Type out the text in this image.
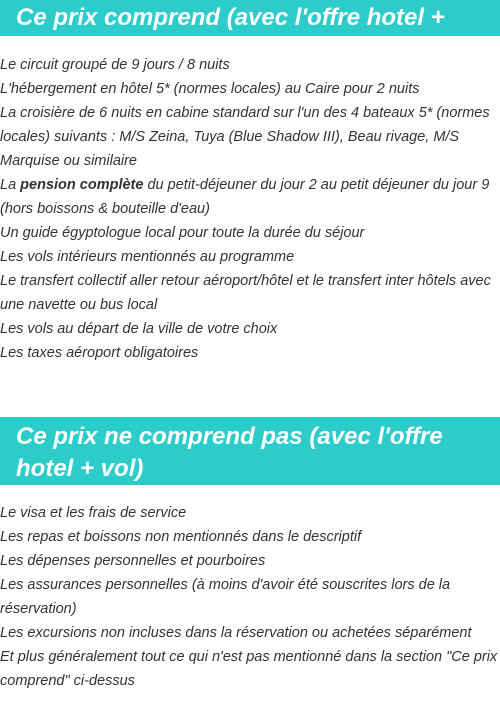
Ce prix comprend (avec l'offre hotel + vol)
Le circuit groupé de 9 jours / 8 nuits
L'hébergement en hôtel 5* (normes locales) au Caire pour 2 nuits
La croisière de 6 nuits en cabine standard sur l'un des 4 bateaux 5* (normes locales) suivants : M/S Zeina, Tuya (Blue Shadow III), Beau rivage, M/S Marquise ou similaire
La pension complète du petit-déjeuner du jour 2 au petit déjeuner du jour 9 (hors boissons & bouteille d'eau)
Un guide égyptologue local pour toute la durée du séjour
Les vols intérieurs mentionnés au programme
Le transfert collectif aller retour aéroport/hôtel et le transfert inter hôtels avec une navette ou bus local
Les vols au départ de la ville de votre choix
Les taxes aéroport obligatoires
Ce prix ne comprend pas (avec l'offre hotel + vol)
Le visa et les frais de service
Les repas et boissons non mentionnés dans le descriptif
Les dépenses personnelles et pourboires
Les assurances personnelles (à moins d'avoir été souscrites lors de la réservation)
Les excursions non incluses dans la réservation ou achetées séparément
Et plus généralement tout ce qui n'est pas mentionné dans la section "Ce prix comprend" ci-dessus
